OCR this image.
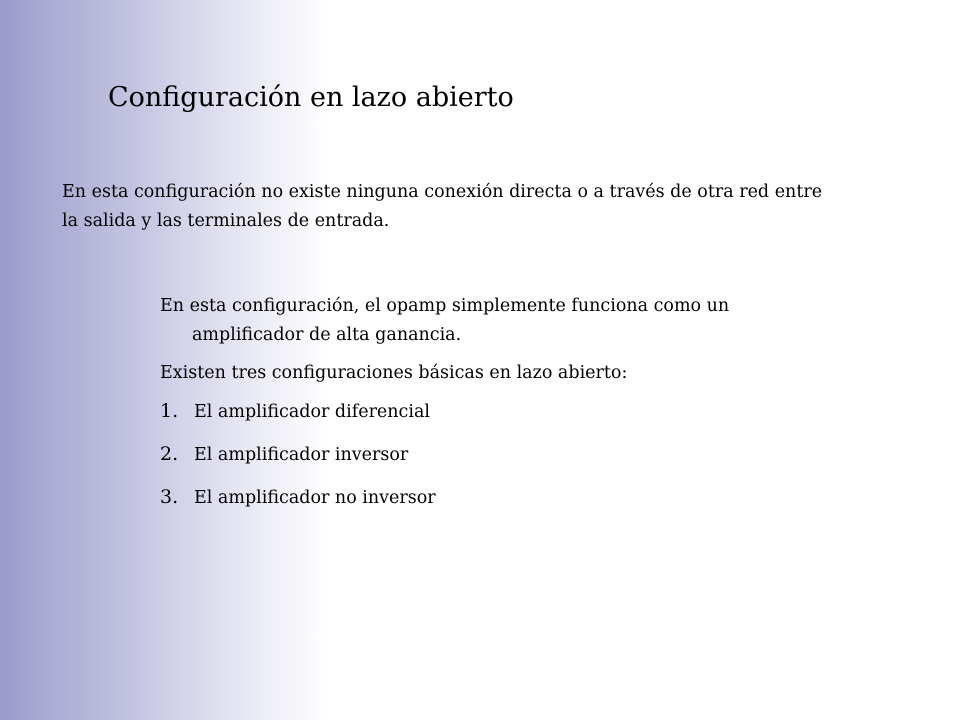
Configuración en lazo abierto

En esta configuración no existe ninguna conexión directa o a través de otra red entre la salida y las terminales de entrada.

En esta configuración, el opamp simplemente funciona como un amplificador de alta ganancia.

Existen tres configuraciones básicas en lazo abierto:

1. El amplificador diferencial
2. El amplificador inversor
3. El amplificador no inversor
